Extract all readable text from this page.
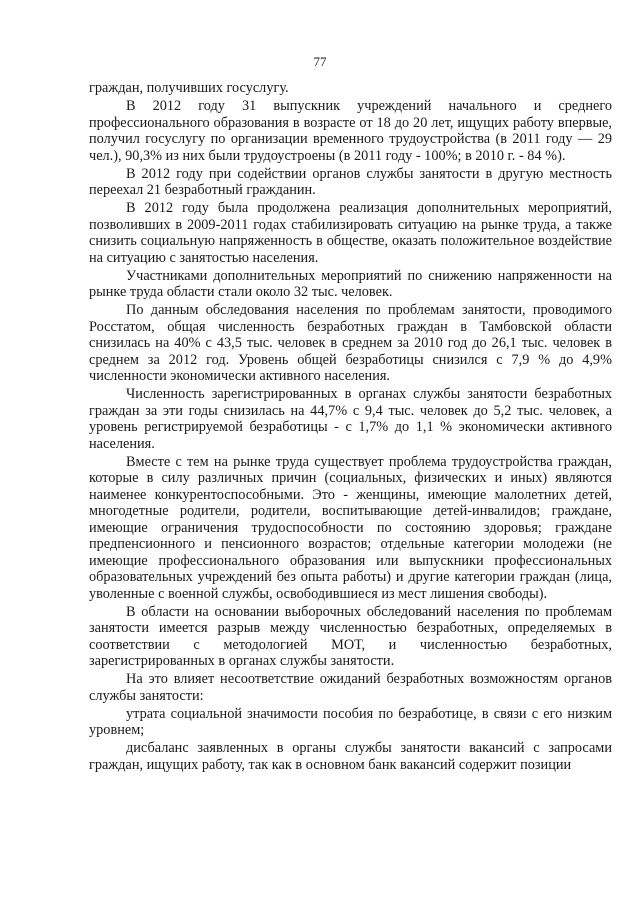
77

граждан, получивших госуслугу.

В 2012 году 31 выпускник учреждений начального и среднего профессионального образования в возрасте от 18 до 20 лет, ищущих работу впервые, получил госуслугу по организации временного трудоустройства (в 2011 году — 29 чел.), 90,3% из них были трудоустроены (в 2011 году - 100%; в 2010 г. - 84 %).

В 2012 году при содействии органов службы занятости в другую местность переехал 21 безработный гражданин.

В 2012 году была продолжена реализация дополнительных мероприятий, позволивших в 2009-2011 годах стабилизировать ситуацию на рынке труда, а также снизить социальную напряженность в обществе, оказать положительное воздействие на ситуацию с занятостью населения.

Участниками дополнительных мероприятий по снижению напряженности на рынке труда области стали около 32 тыс. человек.

По данным обследования населения по проблемам занятости, проводимого Росстатом, общая численность безработных граждан в Тамбовской области снизилась на 40% с 43,5 тыс. человек в среднем за 2010 год до 26,1 тыс. человек в среднем за 2012 год. Уровень общей безработицы снизился с 7,9 % до 4,9% численности экономически активного населения.

Численность зарегистрированных в органах службы занятости безработных граждан за эти годы снизилась на 44,7% с 9,4 тыс. человек до 5,2 тыс. человек, а уровень регистрируемой безработицы - с 1,7% до 1,1 % экономически активного населения.

Вместе с тем на рынке труда существует проблема трудоустройства граждан, которые в силу различных причин (социальных, физических и иных) являются наименее конкурентоспособными. Это - женщины, имеющие малолетних детей, многодетные родители, родители, воспитывающие детей-инвалидов; граждане, имеющие ограничения трудоспособности по состоянию здоровья; граждане предпенсионного и пенсионного возрастов; отдельные категории молодежи (не имеющие профессионального образования или выпускники профессиональных образовательных учреждений без опыта работы) и другие категории граждан (лица, уволенные с военной службы, освободившиеся из мест лишения свободы).

В области на основании выборочных обследований населения по проблемам занятости имеется разрыв между численностью безработных, определяемых в соответствии с методологией МОТ, и численностью безработных, зарегистрированных в органах службы занятости.

На это влияет несоответствие ожиданий безработных возможностям органов службы занятости:

утрата социальной значимости пособия по безработице, в связи с его низким уровнем;

дисбаланс заявленных в органы службы занятости вакансий с запросами граждан, ищущих работу, так как в основном банк вакансий содержит позиции
